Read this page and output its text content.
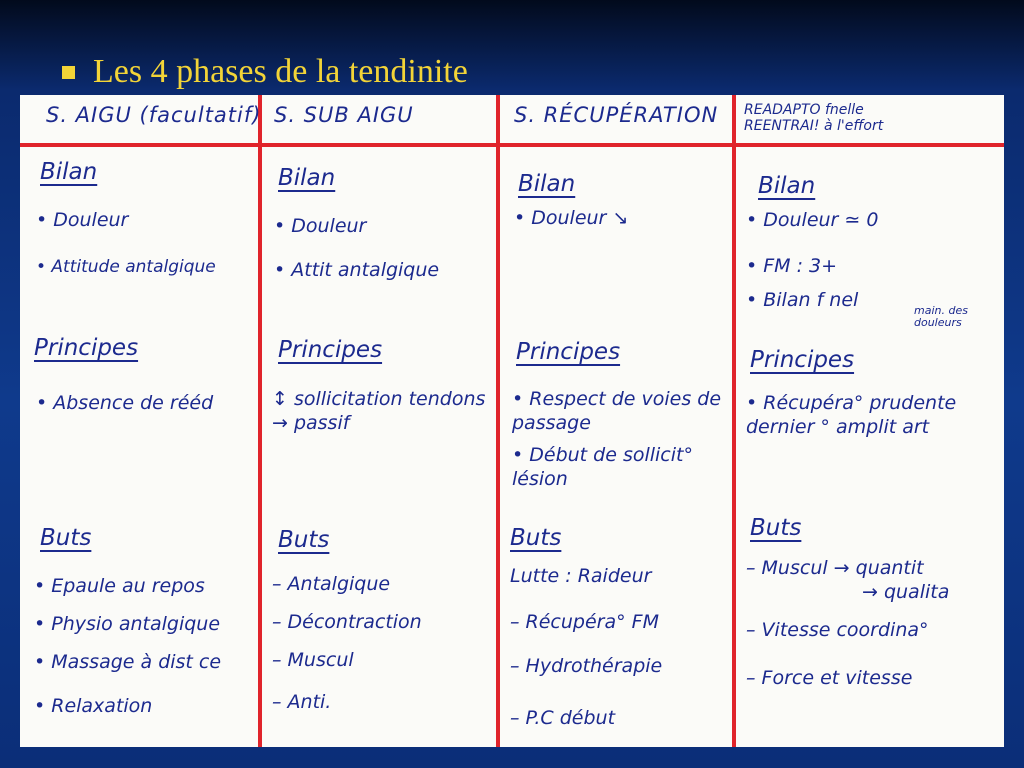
Les 4 phases de la tendinite
S. AIGU (facultatif) S. SUB AIGU	S. RÉCUPÉRATION READAPTO fnelle
REENTRAI! à l'effort
Bilan
• Douleur
• Attitude antalgique
Principes
• Absence de rééd
Buts
• Epaule au repos
• Physio antalgique
• Massage à dist ce
• Relaxation
Bilan
• Douleur
• Attit antalgique
Principes
↕ sollicitation tendons → passif
Buts
– Antalgique
– Décontraction
– Muscul
– Anti.
Bilan
• Douleur ↘
Principes
• Respect de voies de passage
• Début de sollicit° lésion
Buts
Lutte : Raideur
– Récupéra° FM
– Hydrothérapie
– P.C début
Bilan
• Douleur ≃ 0
• FM : 3+
• Bilan f nel	main. des douleurs
Principes
• Récupéra° prudente dernier ° amplit art
Buts
– Muscul → quantit
→ qualita
– Vitesse coordina°
– Force et vitesse
